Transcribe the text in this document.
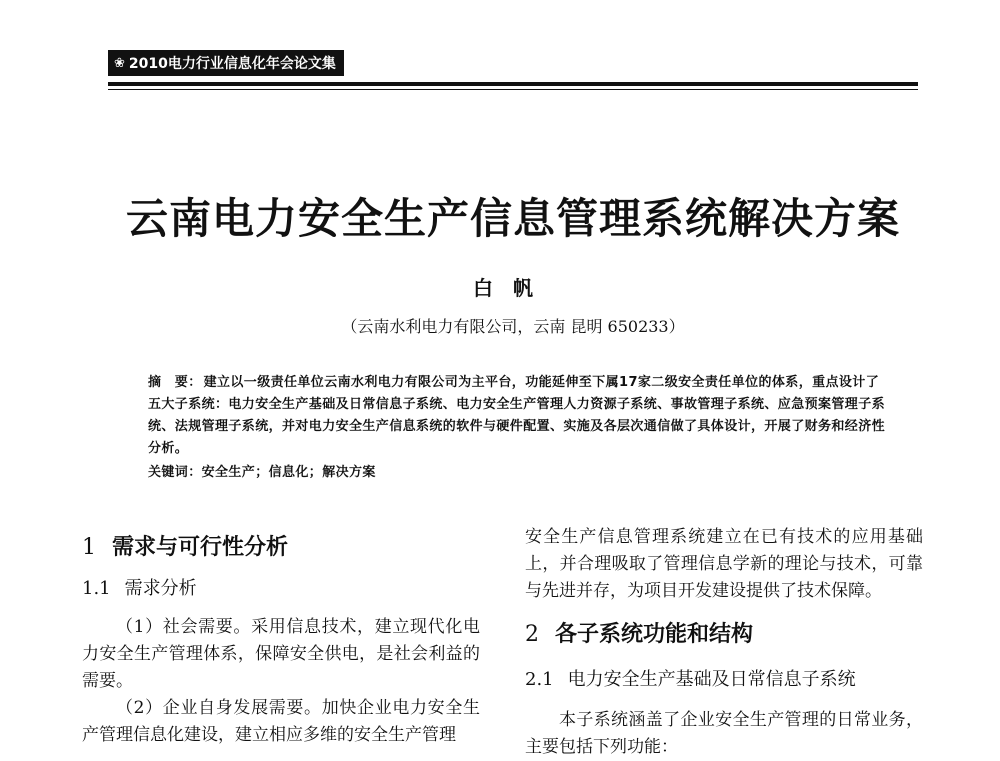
❀ 2010电力行业信息化年会论文集
云南电力安全生产信息管理系统解决方案
白帆
（云南水利电力有限公司，云南 昆明 650233）
摘　要： 建立以一级责任单位云南水利电力有限公司为主平台，功能延伸至下属17家二级安全责任单位的体系，重点设计了五大子系统：电力安全生产基础及日常信息子系统、电力安全生产管理人力资源子系统、事故管理子系统、应急预案管理子系统、法规管理子系统，并对电力安全生产信息系统的软件与硬件配置、实施及各层次通信做了具体设计，开展了财务和经济性分析。
关键词：安全生产；信息化；解决方案
1 需求与可行性分析
1.1 需求分析

（1）社会需要。采用信息技术，建立现代化电力安全生产管理体系，保障安全供电，是社会利益的需要。

（2）企业自身发展需要。加快企业电力安全生产管理信息化建设，建立相应多维的安全生产管理

安全生产信息管理系统建立在已有技术的应用基础上，并合理吸取了管理信息学新的理论与技术，可靠与先进并存，为项目开发建设提供了技术保障。

2 各子系统功能和结构
2.1 电力安全生产基础及日常信息子系统

本子系统涵盖了企业安全生产管理的日常业务，主要包括下列功能：
